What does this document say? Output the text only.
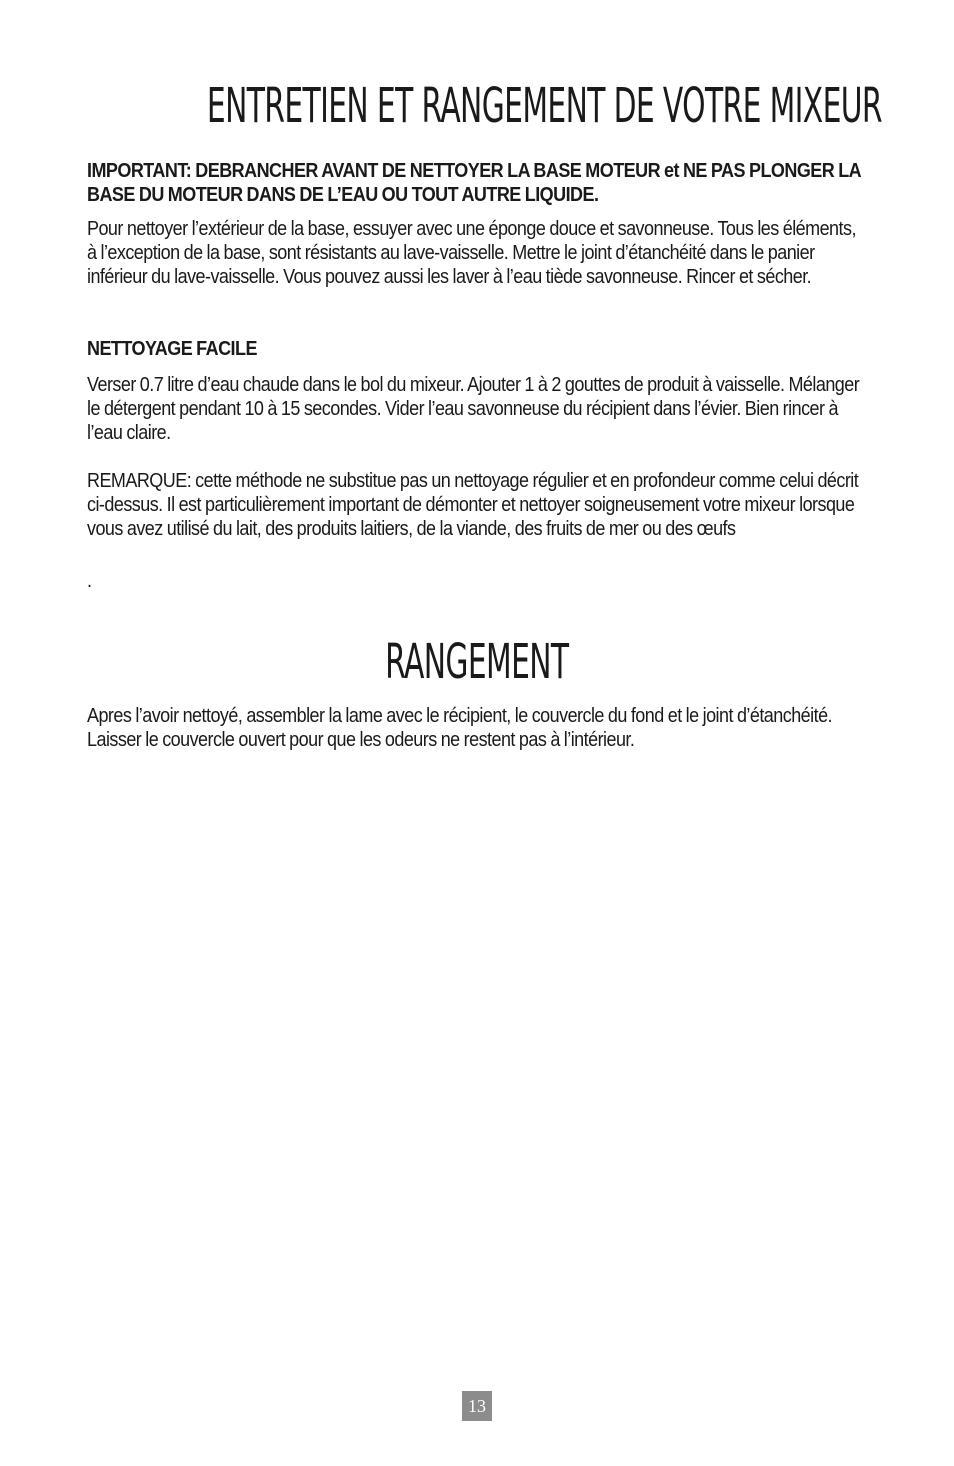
ENTRETIEN ET RANGEMENT DE VOTRE MIXEUR

IMPORTANT: DEBRANCHER AVANT DE NETTOYER LA BASE MOTEUR et NE PAS PLONGER LA BASE DU MOTEUR DANS DE L’EAU OU TOUT AUTRE LIQUIDE.

Pour nettoyer l’extérieur de la base, essuyer avec une éponge douce et savonneuse. Tous les éléments, à l’exception de la base, sont résistants au lave-vaisselle. Mettre le joint d’étanchéité dans le panier inférieur du lave-vaisselle. Vous pouvez aussi les laver à l’eau tiède savonneuse. Rincer et sécher.

NETTOYAGE FACILE

Verser 0.7 litre d’eau chaude dans le bol du mixeur. Ajouter 1 à 2 gouttes de produit à vaisselle. Mélanger le détergent pendant 10 à 15 secondes. Vider l’eau savonneuse du récipient dans l’évier. Bien rincer à l’eau claire.

REMARQUE: cette méthode ne substitue pas un nettoyage régulier et en profondeur comme celui décrit ci-dessus. Il est particulièrement important de démonter et nettoyer soigneusement votre mixeur lorsque vous avez utilisé du lait, des produits laitiers, de la viande, des fruits de mer ou des œufs

.

RANGEMENT

Apres l’avoir nettoyé, assembler la lame avec le récipient, le couvercle du fond et le joint d’étanchéité. Laisser le couvercle ouvert pour que les odeurs ne restent pas à l’intérieur.

13
